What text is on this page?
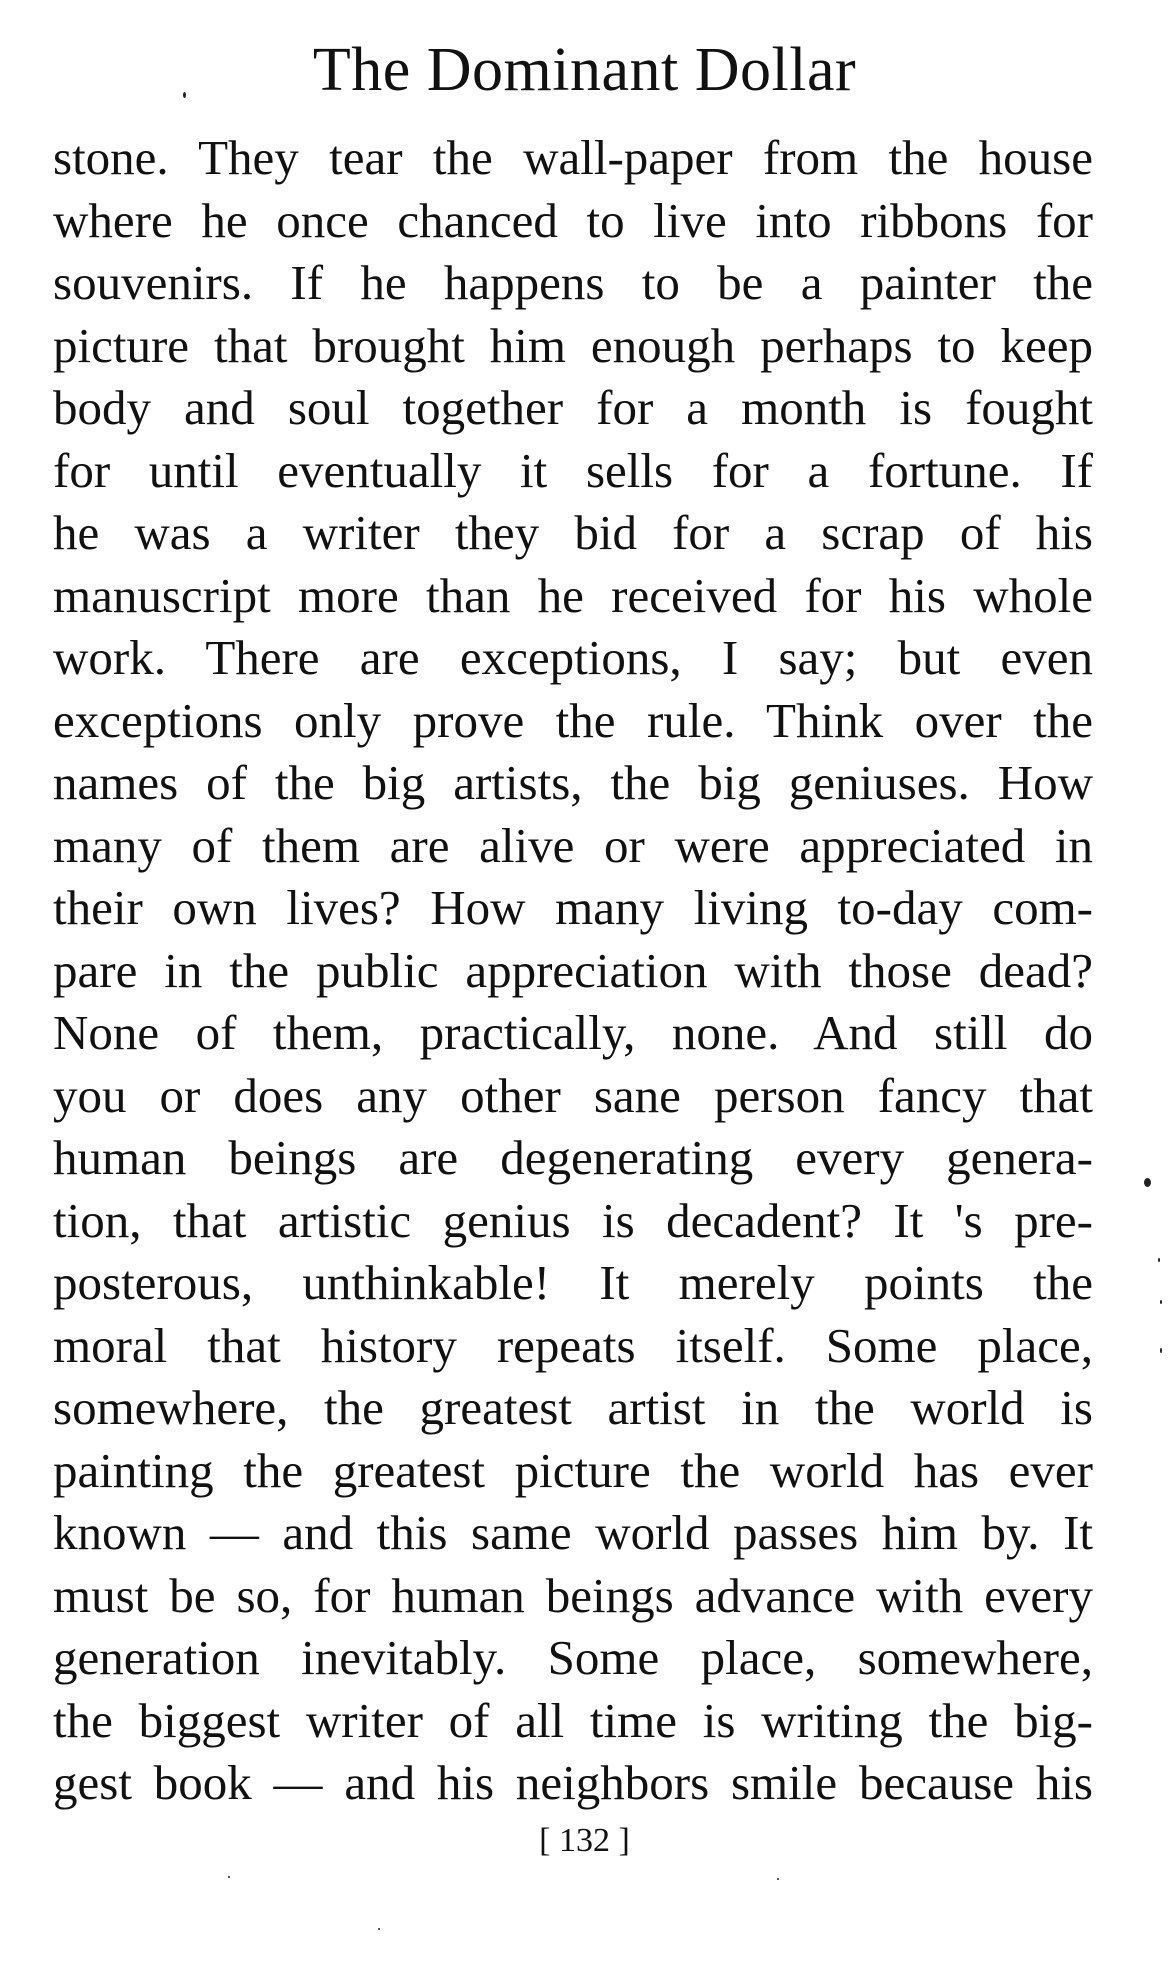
The Dominant Dollar
stone. They tear the wall-paper from the house
where he once chanced to live into ribbons for
souvenirs. If he happens to be a painter the
picture that brought him enough perhaps to keep
body and soul together for a month is fought
for until eventually it sells for a fortune. If
he was a writer they bid for a scrap of his
manuscript more than he received for his whole
work. There are exceptions, I say; but even
exceptions only prove the rule. Think over the
names of the big artists, the big geniuses. How
many of them are alive or were appreciated in
their own lives? How many living to-day com-
pare in the public appreciation with those dead?
None of them, practically, none. And still do
you or does any other sane person fancy that
human beings are degenerating every genera-
tion, that artistic genius is decadent? It 's pre-
posterous, unthinkable! It merely points the
moral that history repeats itself. Some place,
somewhere, the greatest artist in the world is
painting the greatest picture the world has ever
known — and this same world passes him by. It
must be so, for human beings advance with every
generation inevitably. Some place, somewhere,
the biggest writer of all time is writing the big-
gest book — and his neighbors smile because his
[ 132 ]
